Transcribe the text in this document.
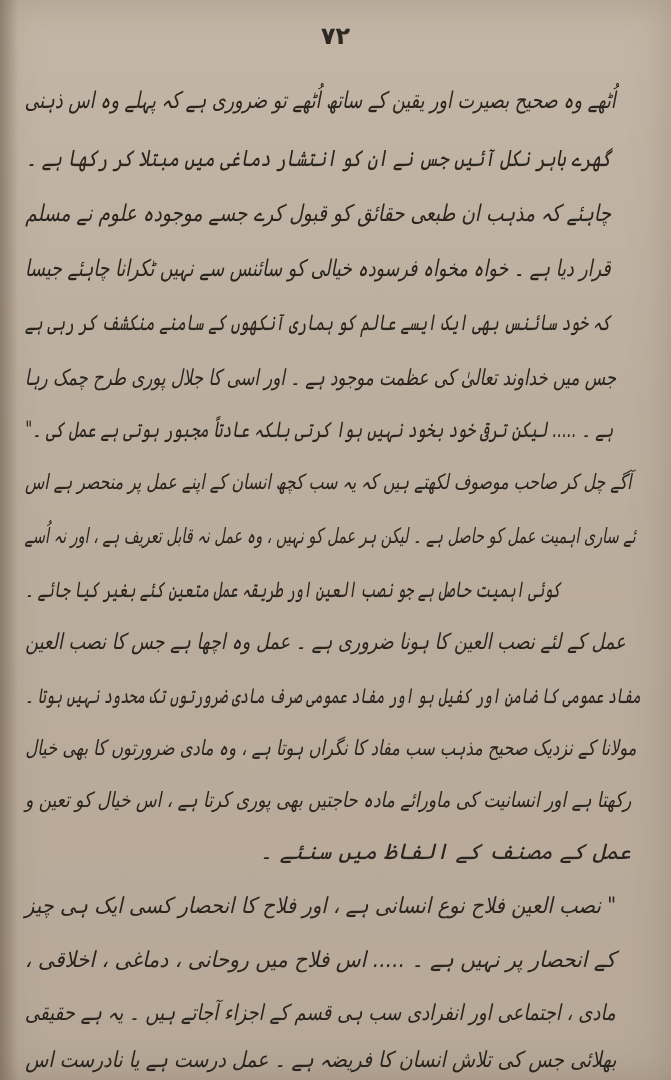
۷۲
اُٹھے وہ صحیح بصیرت اور یقین کے ساتھ اُٹھے تو ضروری ہے کہ پہلے وہ اس ذہنی
گھرے باہر نکل آئیں جس نے ان کو انتشار دماغی میں مبتلا کر رکھا ہے ۔
چاہئے کہ مذہب ان طبعی حقائق کو قبول کرے جسے موجودہ علوم نے مسلم
قرار دیا ہے ۔ خواہ مخواہ فرسودہ خیالی کو سائنس سے نہیں ٹکرانا چاہئے جیسا
کہ خود سائنس بھی ایک ایسے عالم کو ہماری آنکھوں کے سامنے منکشف کر رہی ہے
جس میں خداوند تعالیٰ کی عظمت موجود ہے ۔ اور اسی کا جلال پوری طرح چمک رہا
ہے ۔ ..... لیکن ترقی خود بخود نہیں ہوا کرتی بلکہ عادتاً مجبور ہوتی ہے عمل کی ۔"
آگے چل کر صاحب موصوف لکھتے ہیں کہ یہ سب کچھ انسان کے اپنے عمل پر منحصر ہے اس
ئے ساری اہمیت عمل کو حاصل ہے ۔ لیکن ہر عمل کو نہیں ، وہ عمل نہ قابل تعریف ہے ، اور نہ اُسے
کوئی اہمیت حاصل ہے جو نصب العین اور طریقہ عمل متعین کئے بغیر کیا جائے ۔
عمل کے لئے نصب العین کا ہونا ضروری ہے ۔ عمل وہ اچھا ہے جس کا نصب العین
مفاد عمومی کا ضامن اور کفیل ہو اور مفاد عمومی صرف مادی ضرورتوں تک محدود نہیں ہوتا ۔
مولانا کے نزدیک صحیح مذہب سب مفاد کا نگراں ہوتا ہے ، وہ مادی ضرورتوں کا بھی خیال
رکھتا ہے اور انسانیت کی ماورائے مادہ حاجتیں بھی پوری کرتا ہے ، اس خیال کو تعین و
عمل کے مصنف کے الفاظ میں سنئے ۔
" نصب العین فلاح نوع انسانی ہے ، اور فلاح کا انحصار کسی ایک ہی چیز
کے انحصار پر نہیں ہے ۔ ..... اس فلاح میں روحانی ، دماغی ، اخلاقی ،
مادی ، اجتماعی اور انفرادی سب ہی قسم کے اجزاء آجاتے ہیں ۔ یہ ہے حقیقی
بھلائی جس کی تلاش انسان کا فریضہ ہے ۔ عمل درست ہے یا نادرست اس
